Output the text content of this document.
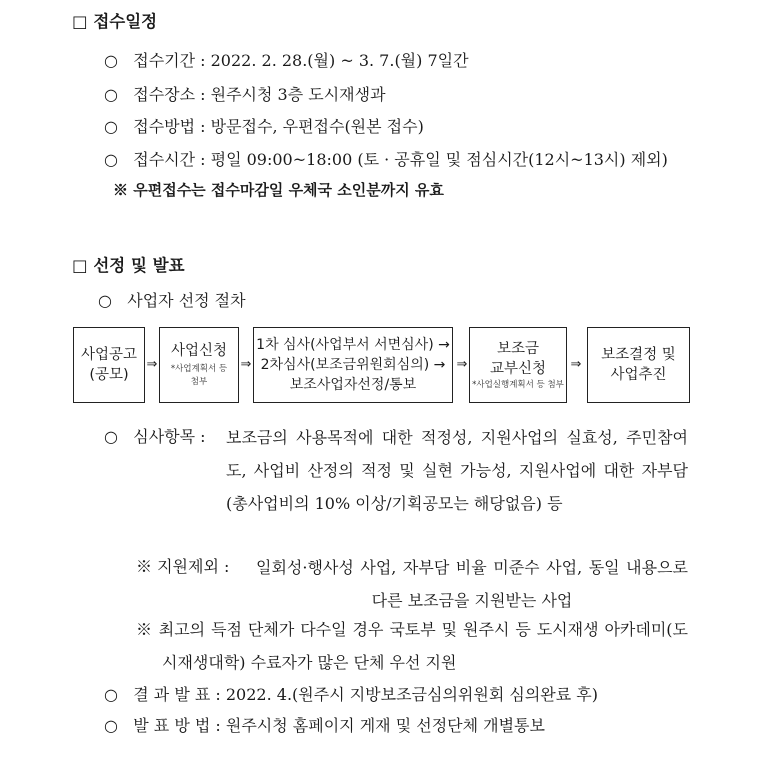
□ 접수일정
○ 접수기간 : 2022. 2. 28.(월) ~ 3. 7.(월) 7일간
○ 접수장소 : 원주시청 3층 도시재생과
○ 접수방법 : 방문접수, 우편접수(원본 접수)
○ 접수시간 : 평일 09:00~18:00 (토 · 공휴일 및 점심시간(12시~13시) 제외)
※ 우편접수는 접수마감일 우체국 소인분까지 유효
□ 선정 및 발표
○ 사업자 선정 절차
사업공고
(공모)
⇒
사업신청
*사업계획서 등 첨부
⇒
1차 심사(사업부서 서면심사) →
2차심사(보조금위원회심의) →
보조사업자선정/통보
⇒
보조금
교부신청
*사업실행계획서 등 첨부
⇒
보조결정 및
사업추진
○ 심사항목 : 보조금의 사용목적에 대한 적정성, 지원사업의 실효성, 주민참여도, 사업비 산정의 적정 및 실현 가능성, 지원사업에 대한 자부담(총사업비의 10% 이상/기획공모는 해당없음) 등
※ 지원제외 : 일회성·행사성 사업, 자부담 비율 미준수 사업, 동일 내용으로 다른 보조금을 지원받는 사업
※ 최고의 득점 단체가 다수일 경우 국토부 및 원주시 등 도시재생 아카데미(도시재생대학) 수료자가 많은 단체 우선 지원
○ 결 과 발 표 : 2022. 4.(원주시 지방보조금심의위원회 심의완료 후)
○ 발 표 방 법 : 원주시청 홈페이지 게재 및 선정단체 개별통보
